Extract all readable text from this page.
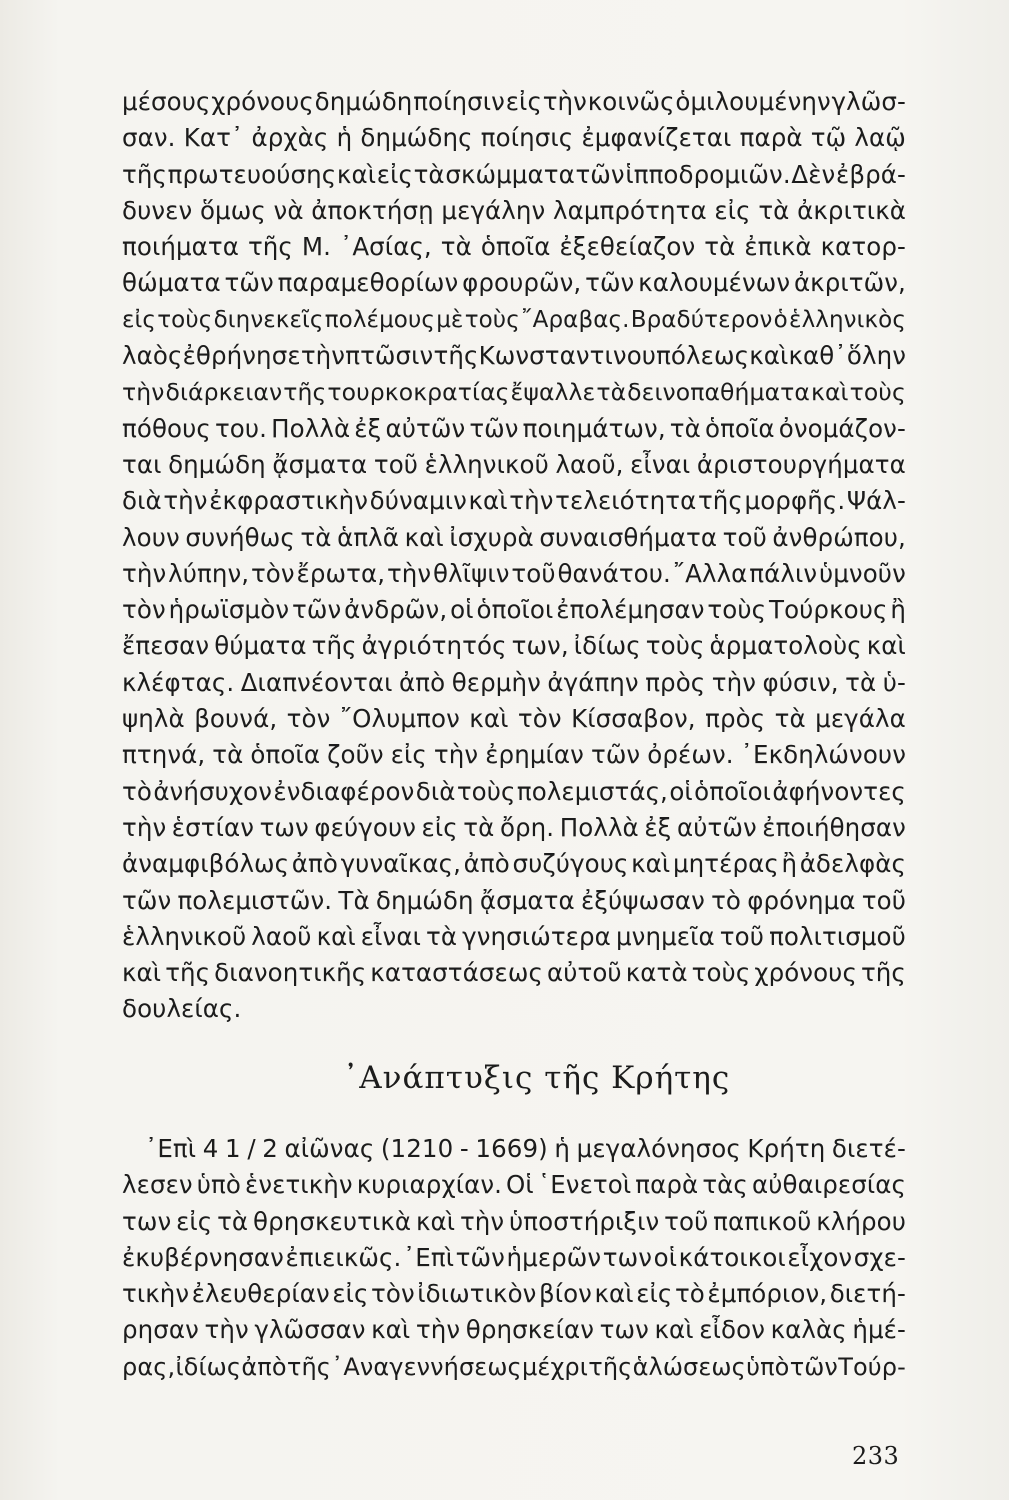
μέσους χρόνους δημώδη ποίησιν εἰς τὴν κοινῶς ὁμιλουμένην γλῶσ-
σαν. Κατ᾽ ἀρχὰς ἡ δημώδης ποίησις ἐμφανίζεται παρὰ τῷ λαῷ
τῆς πρωτευούσης καὶ εἰς τὰ σκώμματα τῶν ἱπποδρομιῶν. Δὲν ἐβρά-
δυνεν ὅμως νὰ ἀποκτήσῃ μεγάλην λαμπρότητα εἰς τὰ ἀκριτικὰ
ποιήματα τῆς Μ. ᾽Ασίας, τὰ ὁποῖα ἐξεθείαζον τὰ ἐπικὰ κατορ-
θώματα τῶν παραμεθορίων φρουρῶν, τῶν καλουμένων ἀκριτῶν,
εἰς τοὺς διηνεκεῖς πολέμους μὲ τοὺς ῎Αραβας. Βραδύτερον ὁ ἑλληνικὸς
λαὸς ἐθρήνησε τὴν πτῶσιν τῆς Κωνσταντινουπόλεως καὶ καθ᾽ ὅλην
τὴν διάρκειαν τῆς τουρκοκρατίας ἔψαλλε τὰ δεινοπαθήματα καὶ τοὺς
πόθους του. Πολλὰ ἐξ αὐτῶν τῶν ποιημάτων, τὰ ὁποῖα ὀνομάζον-
ται δημώδη ᾄσματα τοῦ ἑλληνικοῦ λαοῦ, εἶναι ἀριστουργήματα
διὰ τὴν ἐκφραστικὴν δύναμιν καὶ τὴν τελειότητα τῆς μορφῆς. Ψάλ-
λουν συνήθως τὰ ἁπλᾶ καὶ ἰσχυρὰ συναισθήματα τοῦ ἀνθρώπου,
τὴν λύπην, τὸν ἔρωτα, τὴν θλῖψιν τοῦ θανάτου. ῎Αλλα πάλιν ὑμνοῦν
τὸν ἡρωϊσμὸν τῶν ἀνδρῶν, οἱ ὁποῖοι ἐπολέμησαν τοὺς Τούρκους ἢ
ἔπεσαν θύματα τῆς ἀγριότητός των, ἰδίως τοὺς ἁρματολοὺς καὶ
κλέφτας. Διαπνέονται ἀπὸ θερμὴν ἀγάπην πρὸς τὴν φύσιν, τὰ ὑ-
ψηλὰ βουνά, τὸν ῎Ολυμπον καὶ τὸν Κίσσαβον, πρὸς τὰ μεγάλα
πτηνά, τὰ ὁποῖα ζοῦν εἰς τὴν ἐρημίαν τῶν ὀρέων. ᾽Εκδηλώνουν
τὸ ἀνήσυχον ἐνδιαφέρον διὰ τοὺς πολεμιστάς, οἱ ὁποῖοι ἀφήνοντες
τὴν ἑστίαν των φεύγουν εἰς τὰ ὄρη. Πολλὰ ἐξ αὐτῶν ἐποιήθησαν
ἀναμφιβόλως ἀπὸ γυναῖκας, ἀπὸ συζύγους καὶ μητέρας ἢ ἀδελφὰς
τῶν πολεμιστῶν. Τὰ δημώδη ᾄσματα ἐξύψωσαν τὸ φρόνημα τοῦ
ἑλληνικοῦ λαοῦ καὶ εἶναι τὰ γνησιώτερα μνημεῖα τοῦ πολιτισμοῦ
καὶ τῆς διανοητικῆς καταστάσεως αὐτοῦ κατὰ τοὺς χρόνους τῆς
δουλείας.
᾽Ανάπτυξις τῆς Κρήτης
᾽Επὶ 4 1 / 2 αἰῶνας (1210 - 1669) ἡ μεγαλόνησος Κρήτη διετέ-
λεσεν ὑπὸ ἑνετικὴν κυριαρχίαν. Οἱ ῾Ενετοὶ παρὰ τὰς αὐθαιρεσίας
των εἰς τὰ θρησκευτικὰ καὶ τὴν ὑποστήριξιν τοῦ παπικοῦ κλήρου
ἐκυβέρνησαν ἐπιεικῶς. ᾽Επὶ τῶν ἡμερῶν των οἱ κάτοικοι εἶχον σχε-
τικὴν ἐλευθερίαν εἰς τὸν ἰδιωτικὸν βίον καὶ εἰς τὸ ἐμπόριον, διετή-
ρησαν τὴν γλῶσσαν καὶ τὴν θρησκείαν των καὶ εἶδον καλὰς ἡμέ-
ρας, ἰδίως ἀπὸ τῆς ᾽Αναγεννήσεως μέχρι τῆς ἁλώσεως ὑπὸ τῶν Τούρ-
233
